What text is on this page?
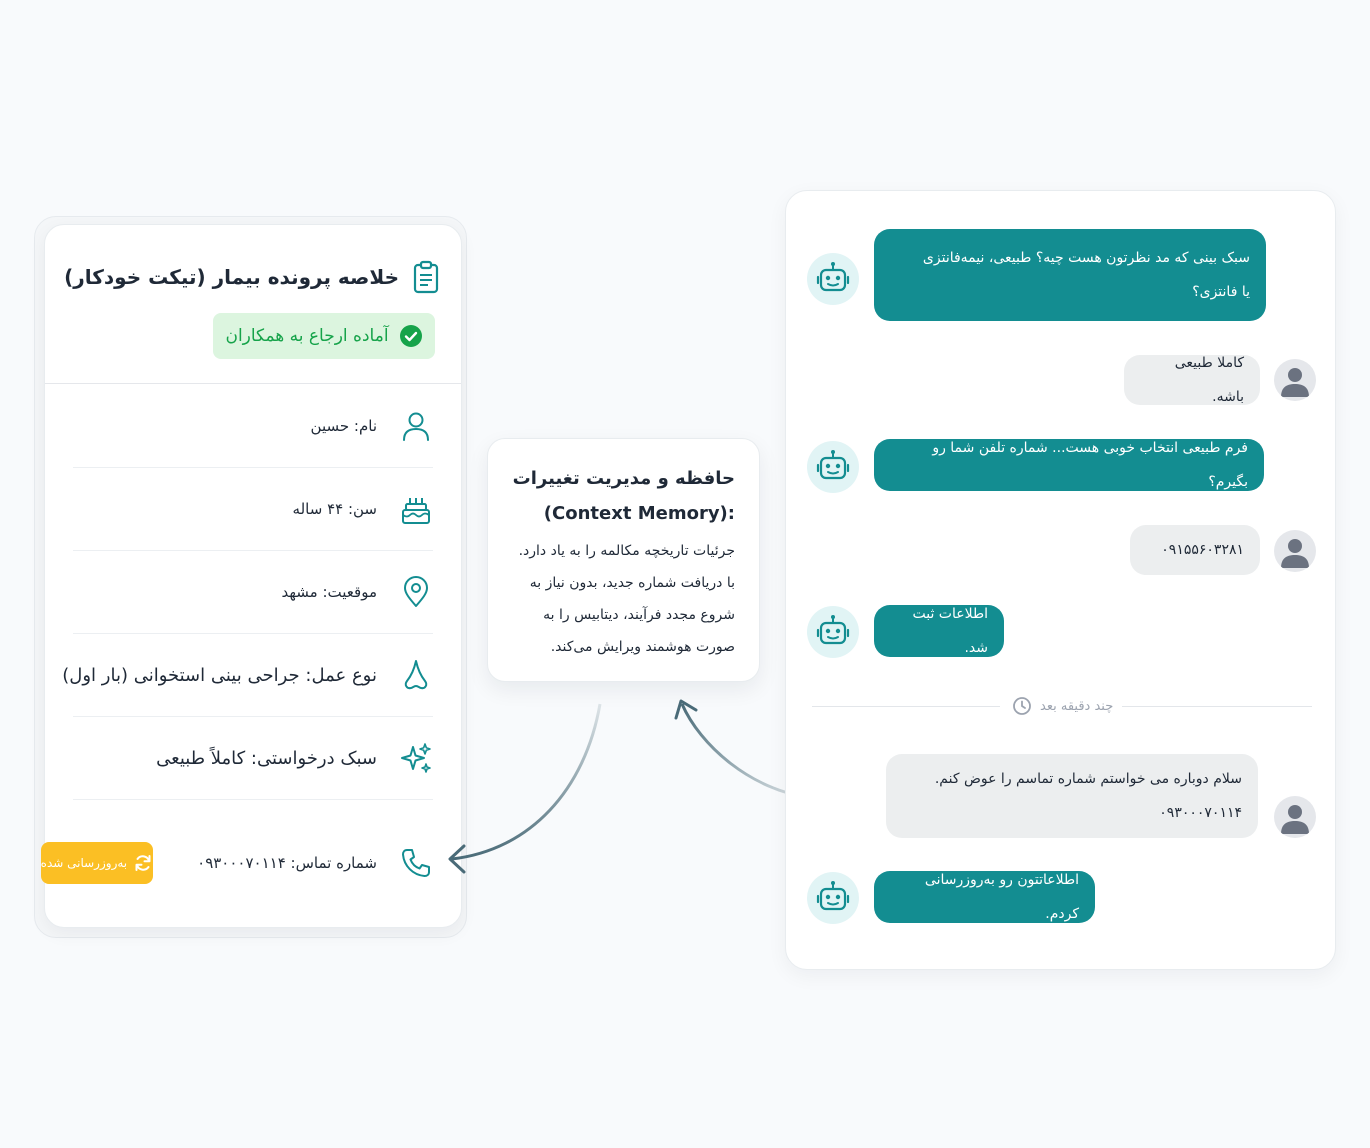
خلاصه پرونده بیمار (تیکت خودکار)
آماده ارجاع به همکاران
نام: حسین
سن: ۴۴ ساله
موقعیت: مشهد
نوع عمل: جراحی بینی استخوانی (بار اول)
سبک درخواستی: کاملاً طبیعی
شماره تماس: ۰۹۳۰۰۰۷۰۱۱۴
به‌روزرسانی شده
حافظه و مدیریت تغییرات
(Context Memory):
جرئیات تاریخچه مکالمه را به یاد دارد.
با دریافت شماره جدید، بدون نیاز به
شروع مجدد فرآیند، دیتابیس را به
صورت هوشمند ویرایش می‌کند.
سبک بینی که مد نظرتون هست چیه؟ طبیعی، نیمه‌فانتزی
یا فانتزی؟
کاملا طبیعی باشه.
فرم طبیعی انتخاب خوبی هست... شماره تلفن شما رو بگیرم؟
۰۹۱۵۵۶۰۳۲۸۱
اطلاعات ثبت شد.
چند دقیقه بعد
سلام دوباره می خواستم شماره تماسم را عوض کنم.
۰۹۳۰۰۰۷۰۱۱۴
اطلاعاتتون رو به‌روزرسانی کردم.
